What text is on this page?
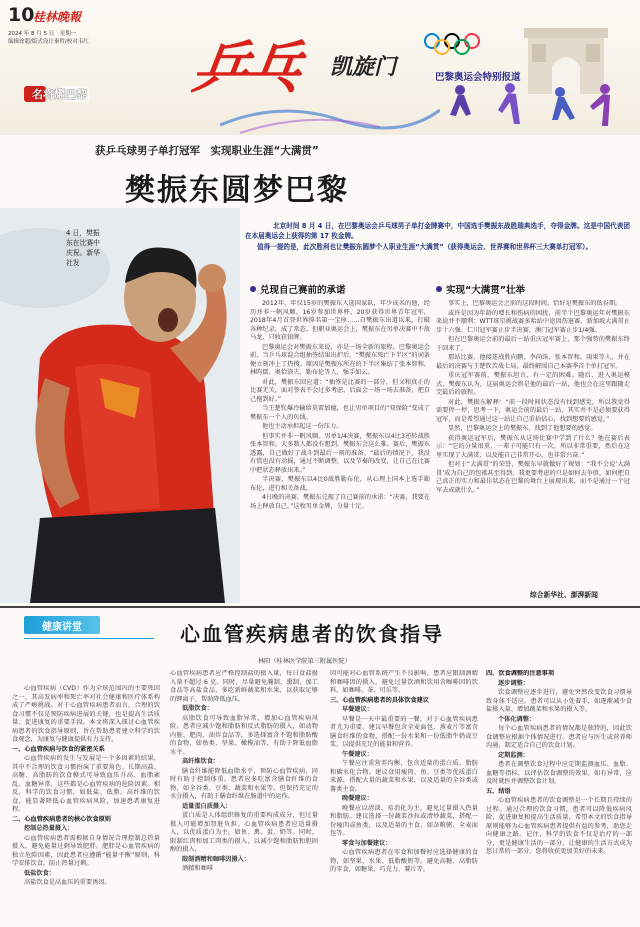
10
桂林晚報
2024 年 8 月 5 日　星期一
编辑徐超/版式设计秦哲/校对韦红
名将耀巴黎 乒乓 凯旋门	巴黎奥运会特别报道
获乒乓球男子单打冠军　实现职业生涯“大满贯”
樊振东圆梦巴黎
4 日，樊振东在比赛中庆祝。新华社发

北京时间 8 月 4 日，在巴黎奥运会乒乓球男子单打金牌赛中，中国选手樊振东战胜瑞典选手，夺得金牌。这是中国代表团在本届奥运会上获得的第 17 枚金牌。

值得一提的是，此次胜利也让樊振东圆梦个人职业生涯“大满贯”（获得奥运会、世界赛和世界杯三大赛单打冠军）。

兑现自己赛前的承诺	实现“大满贯”壮举

2012年，年仅15岁的樊振东入选国家队，年少成名的他，经历并非一帆风顺。16岁参加世界杯、20岁获得世界青年冠军，2018年4月首登世界排名第一宝座……自樊振东出道以来，打破各种纪录，成了常态。但职业奥运会上，樊振东在男单决赛中不敌马龙，只收获银牌。

巴黎奥运会对樊振东来说，亦是一场全新的旅程。巴黎奥运会前，当乒乓球混合组抽签结果出炉后，“樊振东死亡下半区”的词条便立刻冲上了热搜。原因是樊振东所在的下半区集结了张本智和、林昀儒、奥恰洛夫、勒布伦等人，强手如云。

对此，樊振东回应道：“抽签是比赛的一部分，但又和真正的比赛无关。面对签表不会过多考虑，后面会一场一场去准备，把自己拖到好。”

当王楚钦爆冷输给莫雷加德，也让男单项目的“双保险”变成了樊振东一个人的负线。

他也主动承担起这一份压力。

但事实并非一帆风顺。男单1/4决赛，樊振东以4比3逆转战胜张本智和，大多数人都没有想到，樊振东会这么难。赛后，樊振东透露，自己做好了战斗到最后一刻的准备。“最后的情况下，我没有慌也没有动摇，通过不断调整，以及节奏的改变，让自己在比赛中把状态释放出来。”

半决赛，樊振东以4比0战胜勒布伦，从心理上国本上选手勒布伦，进行相关备战。

4日晚的决赛，樊振东兑现了自己赛前的承诺：“决赛，我要在场上释放自己。”这枚男单金牌，分量十足。

事实上，巴黎奥运会之前的这段时间，恰好是樊振东的低谷期。

或许是因为年龄的增长和伤病的困扰，前半个巴黎奥运年对樊振东来说并不顺利：WTT球星挑战赛多哈站中途因伤退赛、新加坡大满贯止步十六强、仁川冠军赛止步半决赛、澳门冠军赛止步1/4强。

但在巴黎奥运会前的最后一站重庆冠军赛上，那个强势的樊振东终于回来了。

那站比赛，他接连战胜向鹏、李尚洙、张本智和、雨果等人，并在最后的决赛与王楚钦苦战七局，最终解围自己本赛季首个单打冠军。

重庆冠军赛前，樊振东坦言，有一定的困难。随后，进入奥运模式，樊振东认为，这届奥运会将是他的最后一站，他也会在这里跟随走完最后的旅程。

对此，樊振东解释：“前一段时间状态没有找到感觉，所以我觉得需要停一停，思考一下，奥运会前的最后一站，其实并不是必须要获得冠军，而是希望通过这一站让自己重拾信心，找到想要的感觉。”

显然，巴黎奥运会上的樊振东，找到了他想要的感觉。

获得奥运冠军后，樊振东从这场比赛中学到了什么？他在赛后表示：“它的分量很重，一辈子可能只有一次，所以非常重要，然后在这里实现了大满贯，以及能自己非常开心，也非常兴奋。”

但对于“大满贯”的荣誉，樊振东早就做好了规划：“我不会说‘大满贯’成为自己的包袱甚至得到，我更要考虑的只是如何去争胜，如何把自己真正的实力和最佳状态在巴黎的舞台上展现出来，而不是通过一个冠军去成就什么。”

综合新华社、澎湃新闻
健康讲堂	心血管疾病患者的饮食指导
林阳（桂林医学院第三附属医院）

心血管疾病（CVD）作为全球范围内的主要死因之一，其高发病率和死亡率对社会健康和医疗体系构成了严峻挑战。对于心血管疾病患者而言，合理的饮食习惯不仅是预防疾病进展的关键，也是提高生活质量、促进康复的重要手段。本文将深入探讨心血管疾病患者的饮食指导原则，旨在帮助患者建立科学的饮食观念，为康复与健康提供有力支持。

一、心血管疾病与饮食的紧密关系

心血管疾病的发生与发展是一个多因素的结果，其中不合理的饮食习惯扮演了重要角色。长期高盐、高糖、高脂肪的饮食模式可导致血压升高、血脂紊乱、血糖异常，这些都是心血管疾病的危险因素。相反，科学的饮食习惯，如低盐、低脂、高纤维的饮食，能显著降低心血管疾病风险，加速患者康复进程。

二、心血管疾病患者的核心饮食原则

控制总热量摄入：

心血管疾病患者需根据自身情况合理控制总热量摄入，避免能量过剩导致肥胖。肥胖是心血管疾病的独立危险因素，因此患者应遵循“能量平衡”原则，科学安排饮食，防止热量过剩。

低盐饮食：

高盐饮食是高血压的重要诱因。

心血管疾病患者应严格控制盐的摄入量，每日食盐摄入量不超过 6 克。同时，尽量避免腌制、熏制、加工食品等高盐食品，多吃新鲜蔬菜和水果，以获取足够的钾离子，帮助降低血压。

低脂饮食：

高脂饮食可导致血脂异常，增加心血管疾病风险。患者应减少饱和脂肪和反式脂肪的摄入，如动物内脏、肥肉、油炸食品等，多选择富含不饱和脂肪酸的食物，如鱼类、坚果、橄榄油等，有助于降低血脂水平。

高纤维饮食：

膳食纤维能降低血脂水平，预防心血管疾病，同时有助于控制体重。患者应多吃富含膳食纤维的食物，如全谷类、豆类、蔬菜和水果等。但保持充足的水分摄入，有助于膳食纤维在肠道中的运作。

适量蛋白质摄入：

蛋白质是人体组织修复的重要构成成分，但过量摄入可能增加肾脏负担。心血管疾病患者应适量摄入，以优质蛋白为主，如鱼、禽、蛋、奶等。同时，限制红肉和加工肉类的摄入，以减少饱和脂肪和胆固醇的摄入。

限制酒精和咖啡因摄入：

酒精和咖啡

因可能对心血管系统产生不良影响。患者应限制酒精和咖啡因的摄入，避免过量饮酒和饮用含咖啡因的饮料，如咖啡、茶、可乐等。

三、心血管疾病患者的具体饮食建议

早餐建议：

早餐是一天中最重要的一餐，对于心血管疾病患者尤为重要。建议早餐包含全麦面包、燕麦片等富含膳食纤维的食物，搭配一份水果和一份低脂牛奶或豆浆，以提供充足的能量和营养。

午餐建议：

午餐应注重营养均衡，包含适量的蛋白质、脂肪和碳水化合物。建议食用瘦肉、鱼、豆类等优质蛋白来源，搭配大量的蔬菜和水果，以及适量的全谷类或薯类主食。

晚餐建议：

晚餐应以清淡、易消化为主，避免过量摄入热量和脂肪。建议选择一份蔬菜沙拉或清炒蔬菜，搭配一份瘦肉或鱼类，以及适量的主食，如杂粮粥、全麦面包等。

零食与加餐建议：

心血管疾病患者在零食和加餐时应选择健康的食物，如坚果、水果、低脂酸奶等。避免高糖、高脂肪的零食，如糖果、巧克力、薯片等。

四、饮食调整的注意事项

逐步调整：

饮食调整应逐步进行，避免突然改变饮食习惯导致身体不适应。患者可以从小处着手，如逐渐减少食盐摄入量、增加蔬菜和水果的摄入等。

个体化调整：

每个心血管疾病患者的情况都是独特的，因此饮食调整应根据个体情况进行。患者应与医生或营养师沟通，制定适合自己的饮食计划。

定期监测：

患者在调整饮食过程中应定期监测血压、血脂、血糖等指标，以评估饮食调整的效果。如有异常，应及时就医并调整饮食计划。

五、结语

心血管疾病患者的饮食调整是一个长期且持续的过程。通过合理的饮食习惯，患者可以降低疾病风险，促进康复和提高生活质量。希望本文的饮食指导原则能够为心血管疾病患者提供有益的参考，助您走向健康之路。记住，科学的饮食不仅是治疗的一部分，更是健康生活的一部分。让健康的生活方式成为您日常的一部分，您将收获更加美好的未来。
